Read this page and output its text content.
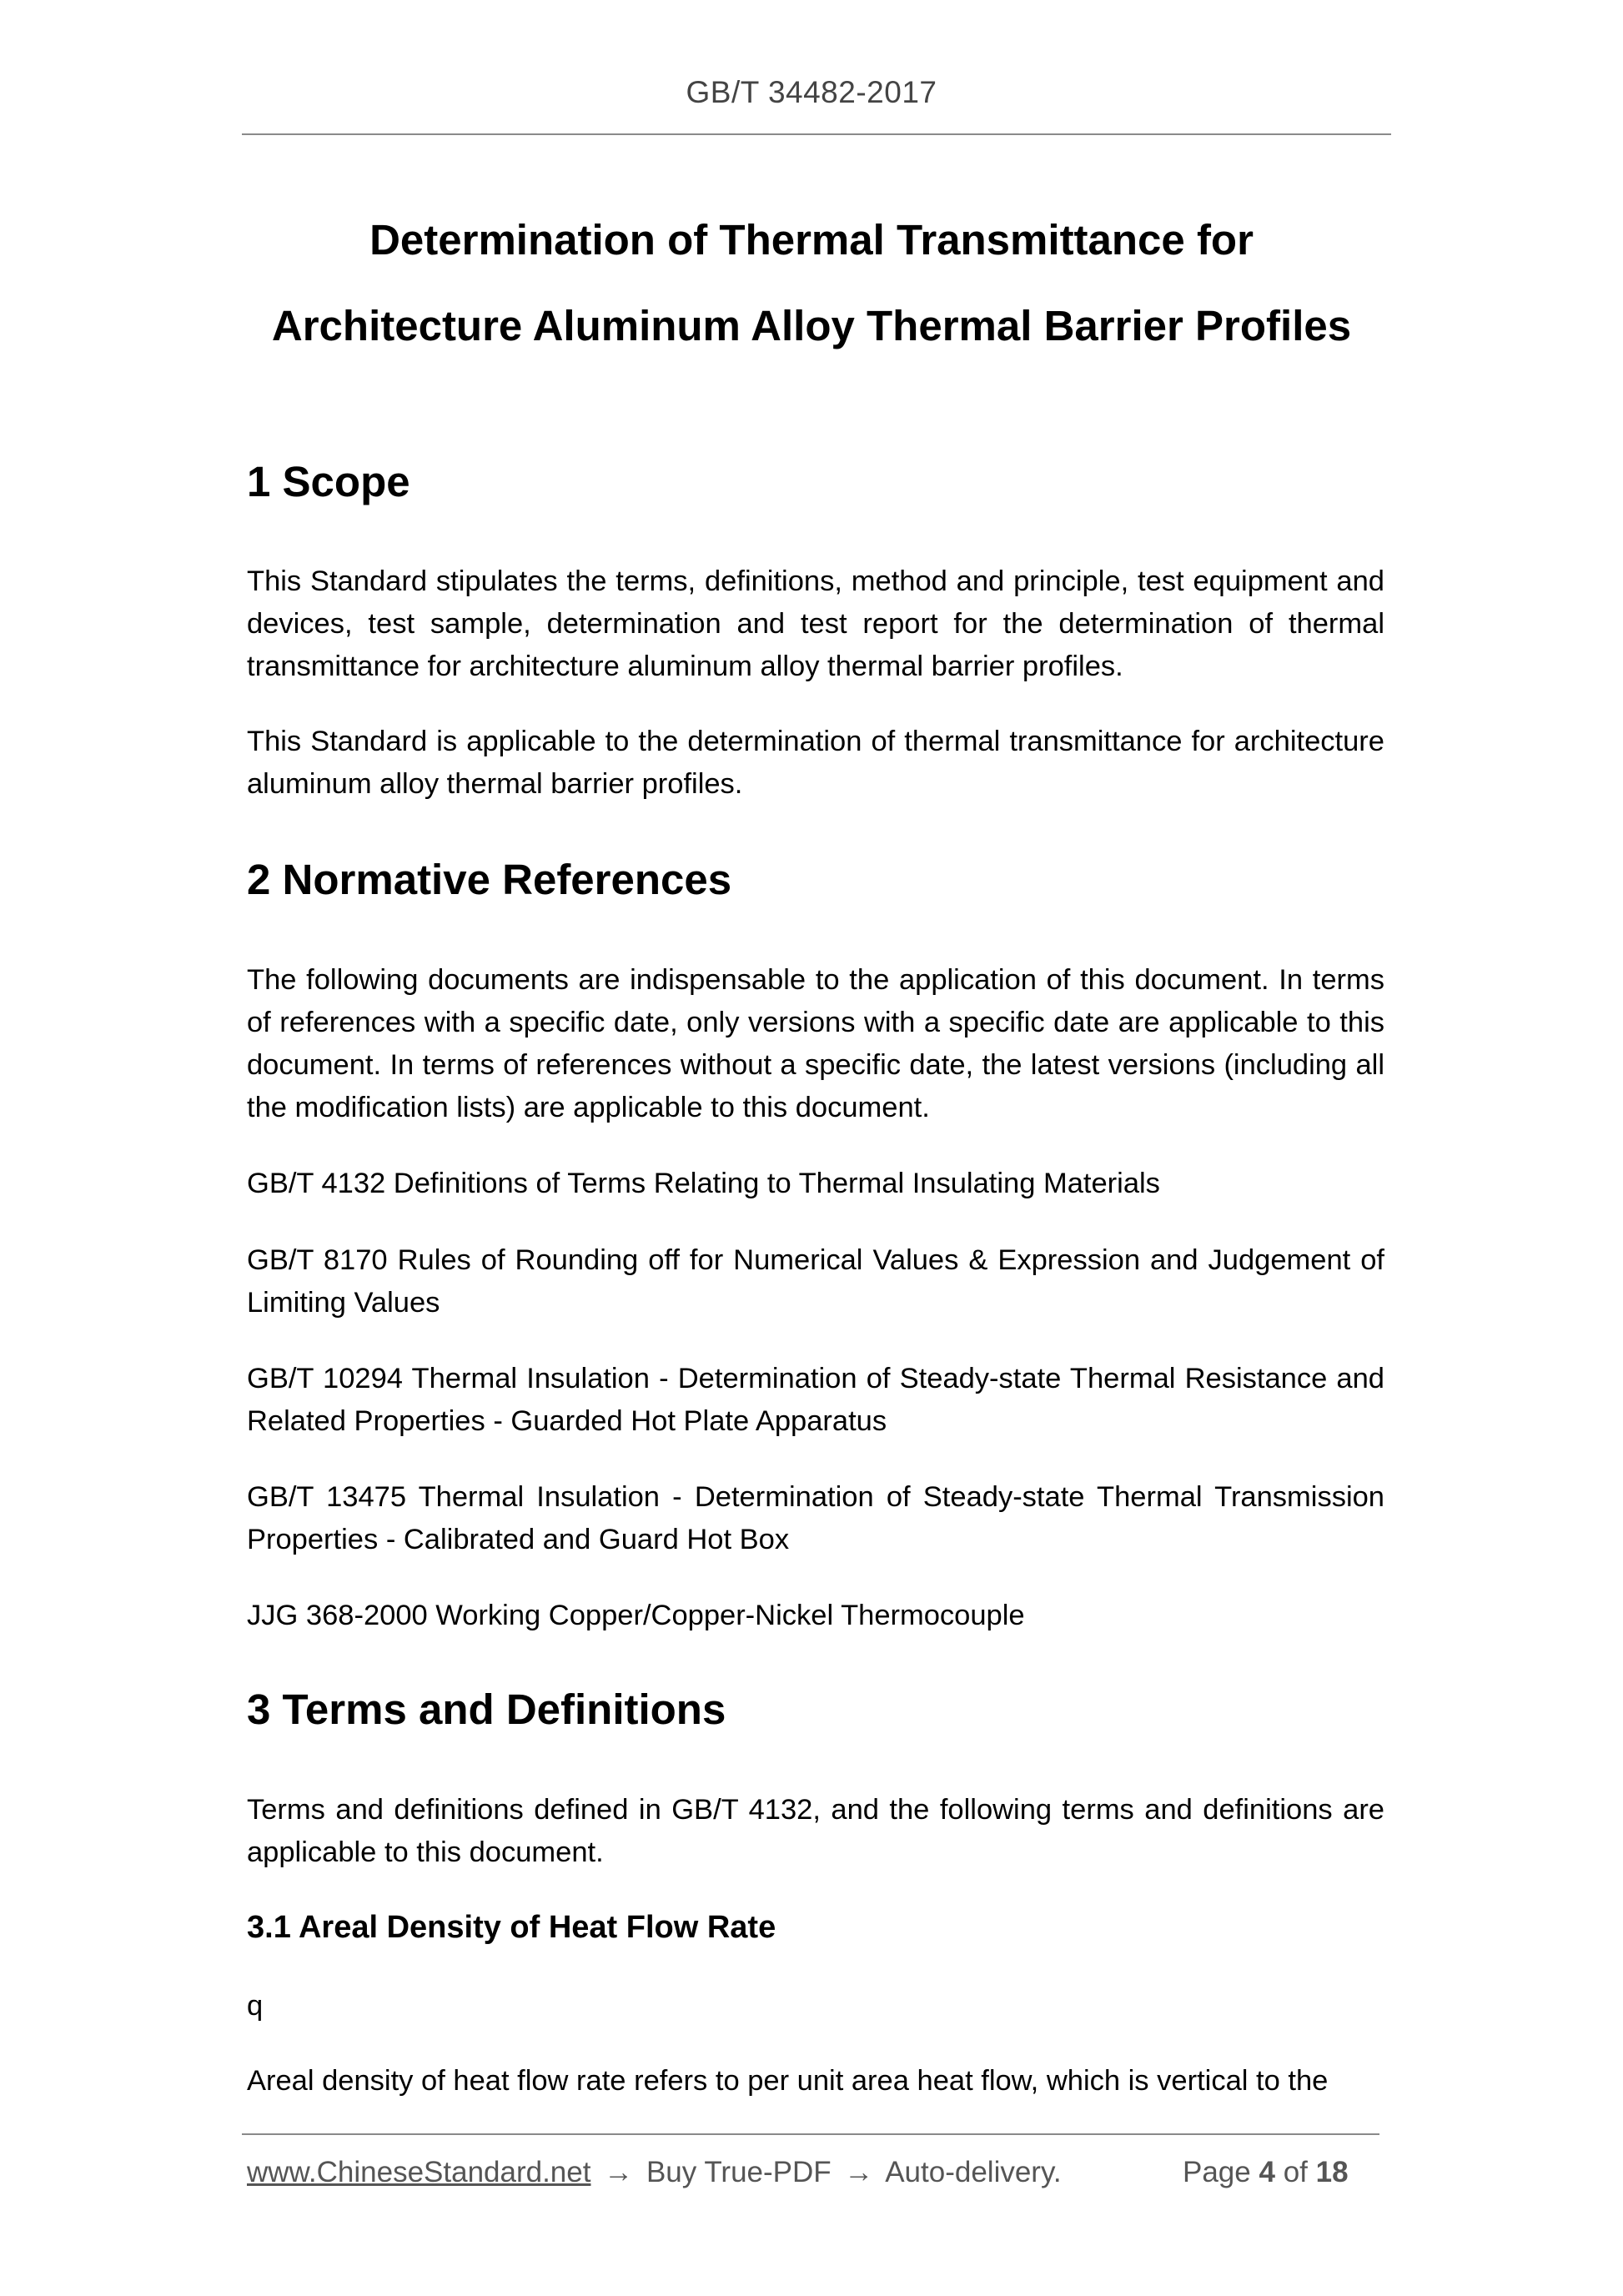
GB/T 34482-2017
Determination of Thermal Transmittance for
Architecture Aluminum Alloy Thermal Barrier Profiles
1 Scope
This Standard stipulates the terms, definitions, method and principle, test equipment and devices, test sample, determination and test report for the determination of thermal transmittance for architecture aluminum alloy thermal barrier profiles.
This Standard is applicable to the determination of thermal transmittance for architecture aluminum alloy thermal barrier profiles.
2 Normative References
The following documents are indispensable to the application of this document. In terms of references with a specific date, only versions with a specific date are applicable to this document. In terms of references without a specific date, the latest versions (including all the modification lists) are applicable to this document.
GB/T 4132 Definitions of Terms Relating to Thermal Insulating Materials
GB/T 8170 Rules of Rounding off for Numerical Values & Expression and Judgement of Limiting Values
GB/T 10294 Thermal Insulation - Determination of Steady-state Thermal Resistance and Related Properties - Guarded Hot Plate Apparatus
GB/T 13475 Thermal Insulation - Determination of Steady-state Thermal Transmission Properties - Calibrated and Guard Hot Box
JJG 368-2000 Working Copper/Copper-Nickel Thermocouple
3 Terms and Definitions
Terms and definitions defined in GB/T 4132, and the following terms and definitions are applicable to this document.
3.1 Areal Density of Heat Flow Rate
q
Areal density of heat flow rate refers to per unit area heat flow, which is vertical to the
www.ChineseStandard.net → Buy True-PDF → Auto-delivery.	Page 4 of 18
